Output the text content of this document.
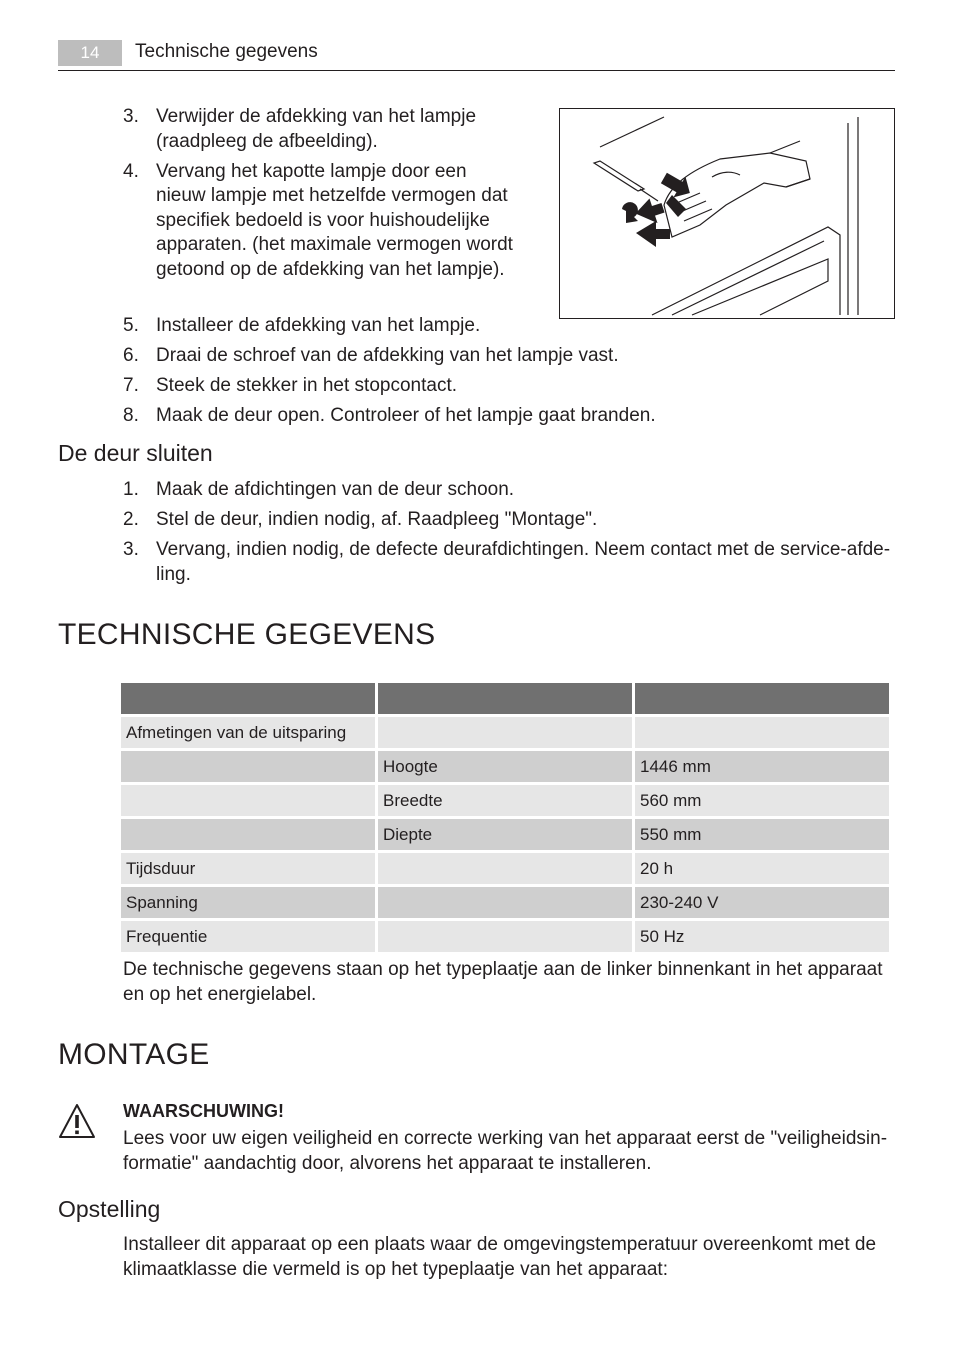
14	Technische gegevens
3. Verwijder de afdekking van het lampje (raadpleeg de afbeelding).
4. Vervang het kapotte lampje door een nieuw lampje met hetzelfde vermogen dat specifiek bedoeld is voor huishoudelijke apparaten. (het maximale vermogen wordt getoond op de afdekking van het lampje).
5. Installeer de afdekking van het lampje.
6. Draai de schroef van de afdekking van het lampje vast.
7. Steek de stekker in het stopcontact.
8. Maak de deur open. Controleer of het lampje gaat branden.
De deur sluiten
1. Maak de afdichtingen van de deur schoon.
2. Stel de deur, indien nodig, af. Raadpleeg "Montage".
3. Vervang, indien nodig, de defecte deurafdichtingen. Neem contact met de service-afde-ling.
TECHNISCHE GEGEVENS

Afmetingen van de uitsparing		
	Hoogte	1446 mm
	Breedte	560 mm
	Diepte	550 mm
Tijdsduur		20 h
Spanning		230-240 V
Frequentie		50 Hz
De technische gegevens staan op het typeplaatje aan de linker binnenkant in het apparaat en op het energielabel.
MONTAGE
WAARSCHUWING!
Lees voor uw eigen veiligheid en correcte werking van het apparaat eerst de "veiligheidsin-formatie" aandachtig door, alvorens het apparaat te installeren.
Opstelling
Installeer dit apparaat op een plaats waar de omgevingstemperatuur overeenkomt met de klimaatklasse die vermeld is op het typeplaatje van het apparaat:
